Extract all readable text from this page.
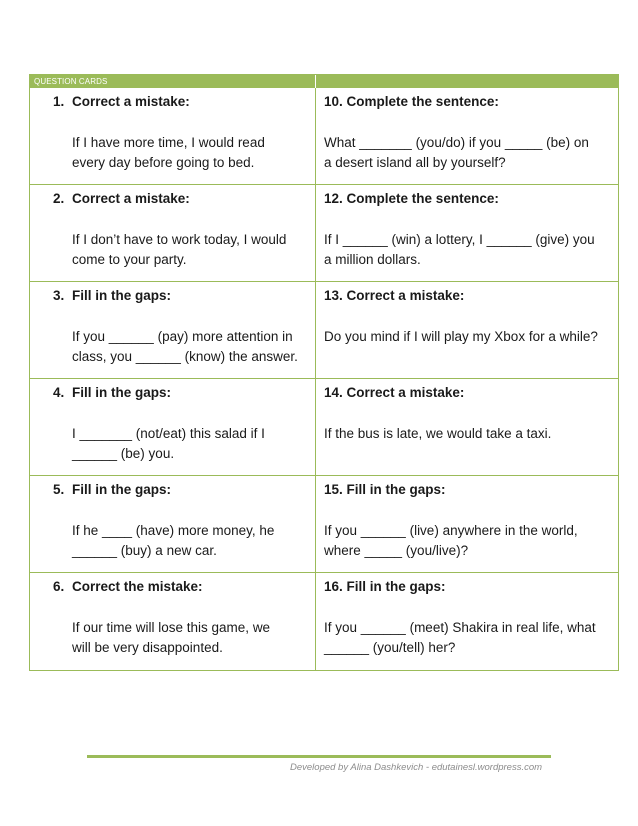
QUESTION CARDS
1. Correct a mistake:
If I have more time, I would read
every day before going to bed.
10. Complete the sentence:
What _______ (you/do) if you _____ (be) on
a desert island all by yourself?
2. Correct a mistake:
If I don’t have to work today, I would
come to your party.
12. Complete the sentence:
If I ______ (win) a lottery, I ______ (give) you
a million dollars.
3. Fill in the gaps:
If you ______ (pay) more attention in
class, you ______ (know) the answer.
13. Correct a mistake:
Do you mind if I will play my Xbox for a while?
4. Fill in the gaps:
I _______ (not/eat) this salad if I
______ (be) you.
14. Correct a mistake:
If the bus is late, we would take a taxi.
5. Fill in the gaps:
If he ____ (have) more money, he
______ (buy) a new car.
15. Fill in the gaps:
If you ______ (live) anywhere in the world,
where _____ (you/live)?
6. Correct the mistake:
If our time will lose this game, we
will be very disappointed.
16. Fill in the gaps:
If you ______ (meet) Shakira in real life, what
______ (you/tell) her?
Developed by Alina Dashkevich - edutainesl.wordpress.com
